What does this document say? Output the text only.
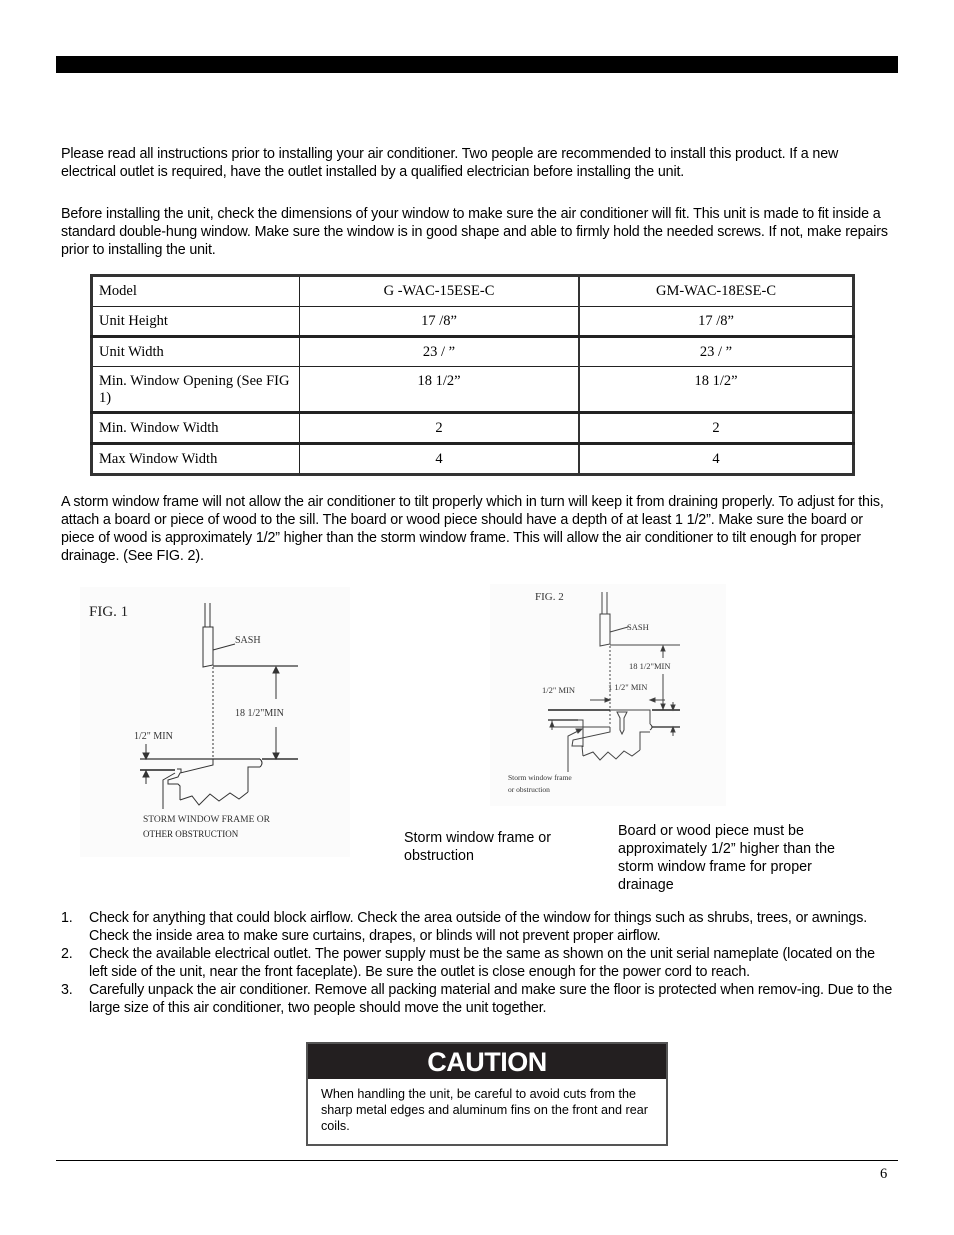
Please read all instructions prior to installing your air conditioner. Two people are recommended to install this product. If a new electrical outlet is required, have the outlet installed by a qualified electrician before installing the unit.

Before installing the unit, check the dimensions of your window to make sure the air conditioner will fit. This unit is made to fit inside a standard double-hung window. Make sure the window is in good shape and able to firmly hold the needed screws. If not, make repairs prior to installing the unit.

Model	G -WAC-15ESE-C	GM-WAC-18ESE-C
Unit Height	17 /8”	17 /8”
Unit Width	23 / ”	23 / ”
Min. Window Opening (See FIG 1)	18 1/2”	18 1/2”
Min. Window Width	2	2
Max Window Width	4	4

A storm window frame will not allow the air conditioner to tilt properly which in turn will keep it from draining properly. To adjust for this, attach a board or piece of wood to the sill. The board or wood piece should have a depth of at least 1 1/2”. Make sure the board or piece of wood is approximately 1/2” higher than the storm window frame. This will allow the air conditioner to tilt enough for proper drainage. (See FIG. 2).

FIG. 1
SASH
18 1/2"MIN
1/2" MIN
STORM WINDOW FRAME OR
OTHER OBSTRUCTION
FIG. 2
SASH
18 1/2"MIN
1/2" MIN	1 1/2" MIN
Storm window frame
or obstruction
Storm window frame or obstruction
Board or wood piece must be approximately 1/2” higher than the storm window frame for proper drainage
1. Check for anything that could block airflow. Check the area outside of the window for things such as shrubs, trees, or awnings. Check the inside area to make sure curtains, drapes, or blinds will not prevent proper airflow.
2. Check the available electrical outlet. The power supply must be the same as shown on the unit serial nameplate (located on the left side of the unit, near the front faceplate). Be sure the outlet is close enough for the power cord to reach.
3. Carefully unpack the air conditioner. Remove all packing material and make sure the floor is protected when remov-ing. Due to the large size of this air conditioner, two people should move the unit together.
CAUTION
When handling the unit, be careful to avoid cuts from the sharp metal edges and aluminum fins on the front and rear coils.
6
